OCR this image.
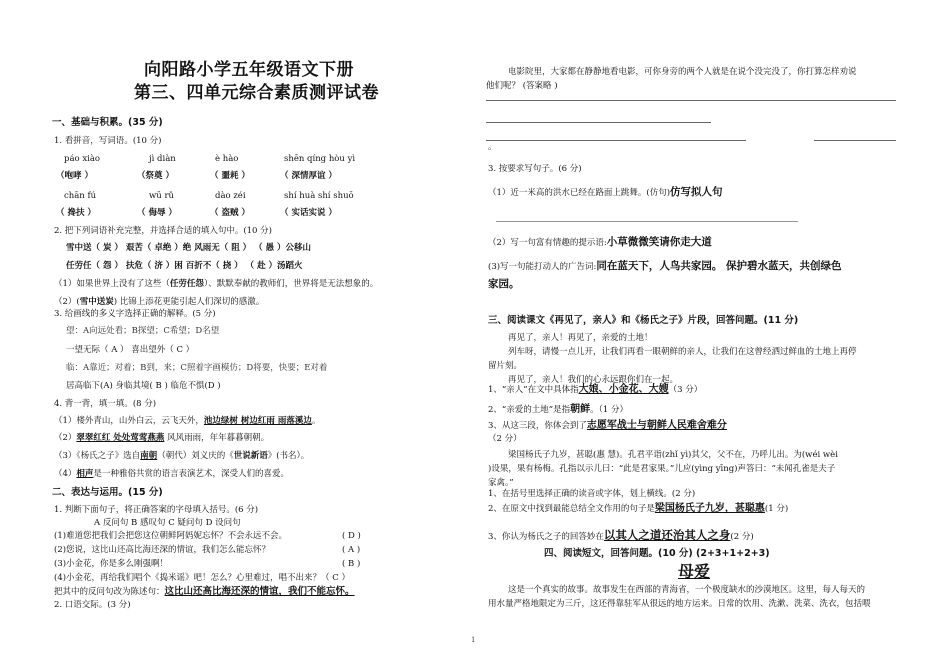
向阳路小学五年级语文下册
第三、四单元综合素质测评试卷
一、基础与积累。(35 分)
1. 看拼音，写词语。(10 分)
páo xiào	jì diàn	è hào	shēn qíng hòu yì
（咆哮 ）	（祭奠 ）	（ 噩耗 ）	（ 深情厚谊 ）
chān fú	wū rǔ	dào zéi	shí huà shí shuō
（ 搀扶 ）	（ 侮辱 ）	（ 盗贼 ）	（ 实话实说 ）
2. 把下列词语补充完整，并选择合适的填入句中。(10 分)
雪中送（ 炭 ） 艰苦（ 卓绝 ）绝 风雨无（ 阻 ） （ 愚 ）公移山
任劳任（ 怨 ） 扶危（ 济 ）困 百折不（ 挠 ） （ 赴 ）汤蹈火
（1）如果世界上没有了这些（任劳任怨）、默默奉献的教师们，世界将是无法想象的。
（2）(雪中送炭) 比锦上添花更能引起人们深切的感激。
3. 给画线的多义字选择正确的解释。(5 分)
望：A向远处看；B探望；C希望；D名望
一望无际（ A ） 喜出望外（ C ）
临：A靠近；对着；B到，来；C照着字画模仿；D将要，快要；E对着
居高临下(A) 身临其境( B ) 临危不惧(D )
4. 背一背，填一填。(8 分)
（1）楼外青山，山外白云，云飞天外，池边绿树 树边红雨 雨落溪边。
（2）翠翠红红 处处莺莺燕燕 风风雨雨，年年暮暮朝朝。
（3）《杨氏之子》选自南朝（朝代）刘义庆的《世说新语》(书名）。
（4）相声是一种雅俗共赏的语言表演艺术，深受人们的喜爱。
二、表达与运用。(15 分)
1. 判断下面句子，将正确答案的字母填入括号。(6 分)
A 反问句 B 感叹句 C 疑问句 D 设问句
(1)难道您把我们会把您这位朝鲜阿妈妮忘怀？不会永远不会。	( D )
(2)您说，这比山还高比海还深的情谊，我们怎么能忘怀？	( A )
(3)小金花，你是多么刚强啊！	( B )
(4)小金花，再给我们唱个《捣米谣》吧！怎么？心里难过，唱不出来？（ C ）
把其中的反问句改为陈述句：这比山还高比海还深的情谊，我们不能忘怀。
2. 口语交际。(3 分)
电影院里，大家都在静静地看电影，可你身旁的两个人就是在说个没完没了，你打算怎样劝说
他们呢？ (答案略 )
。
3. 按要求写句子。(6 分)
（1）近一米高的洪水已经在路面上跳舞。(仿句)仿写拟人句
（2）写一句富有情趣的提示语:小草微微笑请你走大道
(3)写一句能打动人的广告词:同在蓝天下，人鸟共家园。 保护碧水蓝天，共创绿色
家园。
三、阅读课文《再见了，亲人》和《杨氏之子》片段，回答问题。(11 分)
再见了，亲人！再见了，亲爱的土地！
列车呀，请慢一点儿开，让我们再看一眼朝鲜的亲人，让我们在这曾经洒过鲜血的土地上再停
留片刻。
再见了，亲人！我们的心永远跟你们在一起。
1、“亲人”在文中具体指大娘、小金花、大嫂（3 分）
2、“亲爱的土地”是指朝鲜。（1 分）
3、从这三段，你体会到了志愿军战士与朝鲜人民难舍难分
（2 分）
梁国杨氏子九岁，甚聪(惠 慧)。孔君平诣(zhǐ yì)其父，父不在，乃呼儿出。为(wéi wèi
)设果，果有杨梅。孔指以示儿曰：“此是君家果。”儿应(yìng yīng)声答曰：“未闻孔雀是夫子
家禽。”
1、在括号里选择正确的读音或字体，划上横线。(2 分)
2、在原文中找到最能总结全文作用的句子是梁国杨氏子九岁，甚聪惠(1 分)
3、你认为杨氏之子的回答妙在以其人之道还治其人之身(2 分)
四、阅读短文，回答问题。(10 分) (2+3+1+2+3)
母爱
这是一个真实的故事。故事发生在西部的青海省，一个极度缺水的沙漠地区。这里，每人每天的
用水量严格地限定为三斤，这还得靠驻军从很远的地方运来。日常的饮用、洗漱、洗菜、洗衣，包括喂
1
